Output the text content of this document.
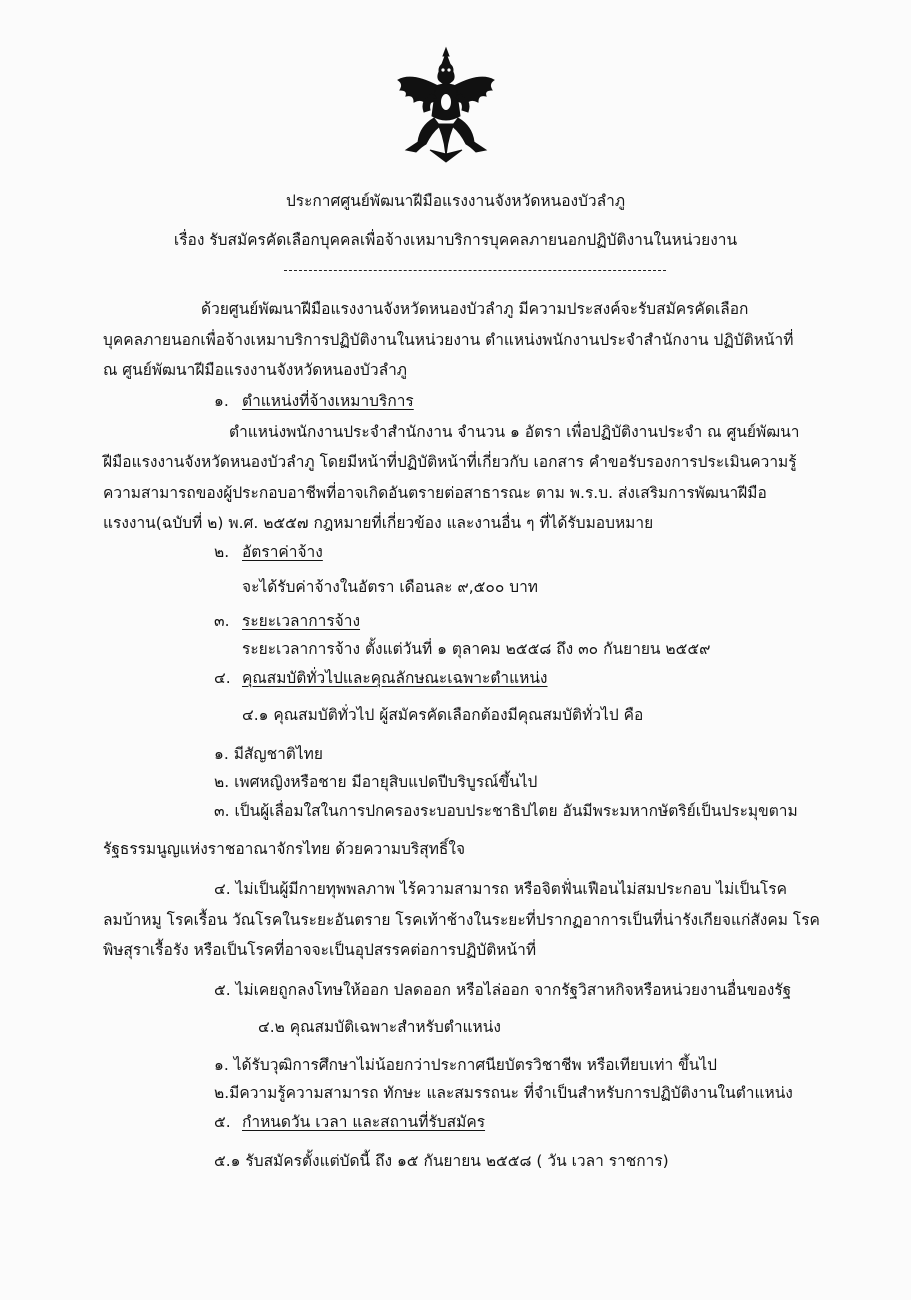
ประกาศศูนย์พัฒนาฝีมือแรงงานจังหวัดหนองบัวลำภู
เรื่อง รับสมัครคัดเลือกบุคคลเพื่อจ้างเหมาบริการบุคคลภายนอกปฏิบัติงานในหน่วยงาน
ด้วยศูนย์พัฒนาฝีมือแรงงานจังหวัดหนองบัวลำภู มีความประสงค์จะรับสมัครคัดเลือก
บุคคลภายนอกเพื่อจ้างเหมาบริการปฏิบัติงานในหน่วยงาน ตำแหน่งพนักงานประจำสำนักงาน ปฏิบัติหน้าที่
ณ ศูนย์พัฒนาฝีมือแรงงานจังหวัดหนองบัวลำภู
๑. ตำแหน่งที่จ้างเหมาบริการ
ตำแหน่งพนักงานประจำสำนักงาน จำนวน ๑ อัตรา เพื่อปฏิบัติงานประจำ ณ ศูนย์พัฒนา
ฝีมือแรงงานจังหวัดหนองบัวลำภู โดยมีหน้าที่ปฏิบัติหน้าที่เกี่ยวกับ เอกสาร คำขอรับรองการประเมินความรู้
ความสามารถของผู้ประกอบอาชีพที่อาจเกิดอันตรายต่อสาธารณะ ตาม พ.ร.บ. ส่งเสริมการพัฒนาฝีมือ
แรงงาน(ฉบับที่ ๒) พ.ศ. ๒๕๕๗ กฎหมายที่เกี่ยวข้อง และงานอื่น ๆ ที่ได้รับมอบหมาย
๒. อัตราค่าจ้าง
จะได้รับค่าจ้างในอัตรา เดือนละ ๙,๕๐๐ บาท
๓. ระยะเวลาการจ้าง
ระยะเวลาการจ้าง ตั้งแต่วันที่ ๑ ตุลาคม ๒๕๕๘ ถึง ๓๐ กันยายน ๒๕๕๙
๔. คุณสมบัติทั่วไปและคุณลักษณะเฉพาะตำแหน่ง
๔.๑ คุณสมบัติทั่วไป ผู้สมัครคัดเลือกต้องมีคุณสมบัติทั่วไป คือ
๑. มีสัญชาติไทย
๒. เพศหญิงหรือชาย มีอายุสิบแปดปีบริบูรณ์ขึ้นไป
๓. เป็นผู้เลื่อมใสในการปกครองระบอบประชาธิปไตย อันมีพระมหากษัตริย์เป็นประมุขตาม
รัฐธรรมนูญแห่งราชอาณาจักรไทย ด้วยความบริสุทธิ์ใจ
๔. ไม่เป็นผู้มีกายทุพพลภาพ ไร้ความสามารถ หรือจิตฟั่นเฟือนไม่สมประกอบ ไม่เป็นโรค
ลมบ้าหมู โรคเรื้อน วัณโรคในระยะอันตราย โรคเท้าช้างในระยะที่ปรากฏอาการเป็นที่น่ารังเกียจแก่สังคม โรค
พิษสุราเรื้อรัง หรือเป็นโรคที่อาจจะเป็นอุปสรรคต่อการปฏิบัติหน้าที่
๕. ไม่เคยถูกลงโทษให้ออก ปลดออก หรือไล่ออก จากรัฐวิสาหกิจหรือหน่วยงานอื่นของรัฐ
๔.๒ คุณสมบัติเฉพาะสำหรับตำแหน่ง
๑. ได้รับวุฒิการศึกษาไม่น้อยกว่าประกาศนียบัตรวิชาชีพ หรือเทียบเท่า ขึ้นไป
๒.มีความรู้ความสามารถ ทักษะ และสมรรถนะ ที่จำเป็นสำหรับการปฏิบัติงานในตำแหน่ง
๕. กำหนดวัน เวลา และสถานที่รับสมัคร
๕.๑ รับสมัครตั้งแต่บัดนี้ ถึง ๑๕ กันยายน ๒๕๕๘ ( วัน เวลา ราชการ)
